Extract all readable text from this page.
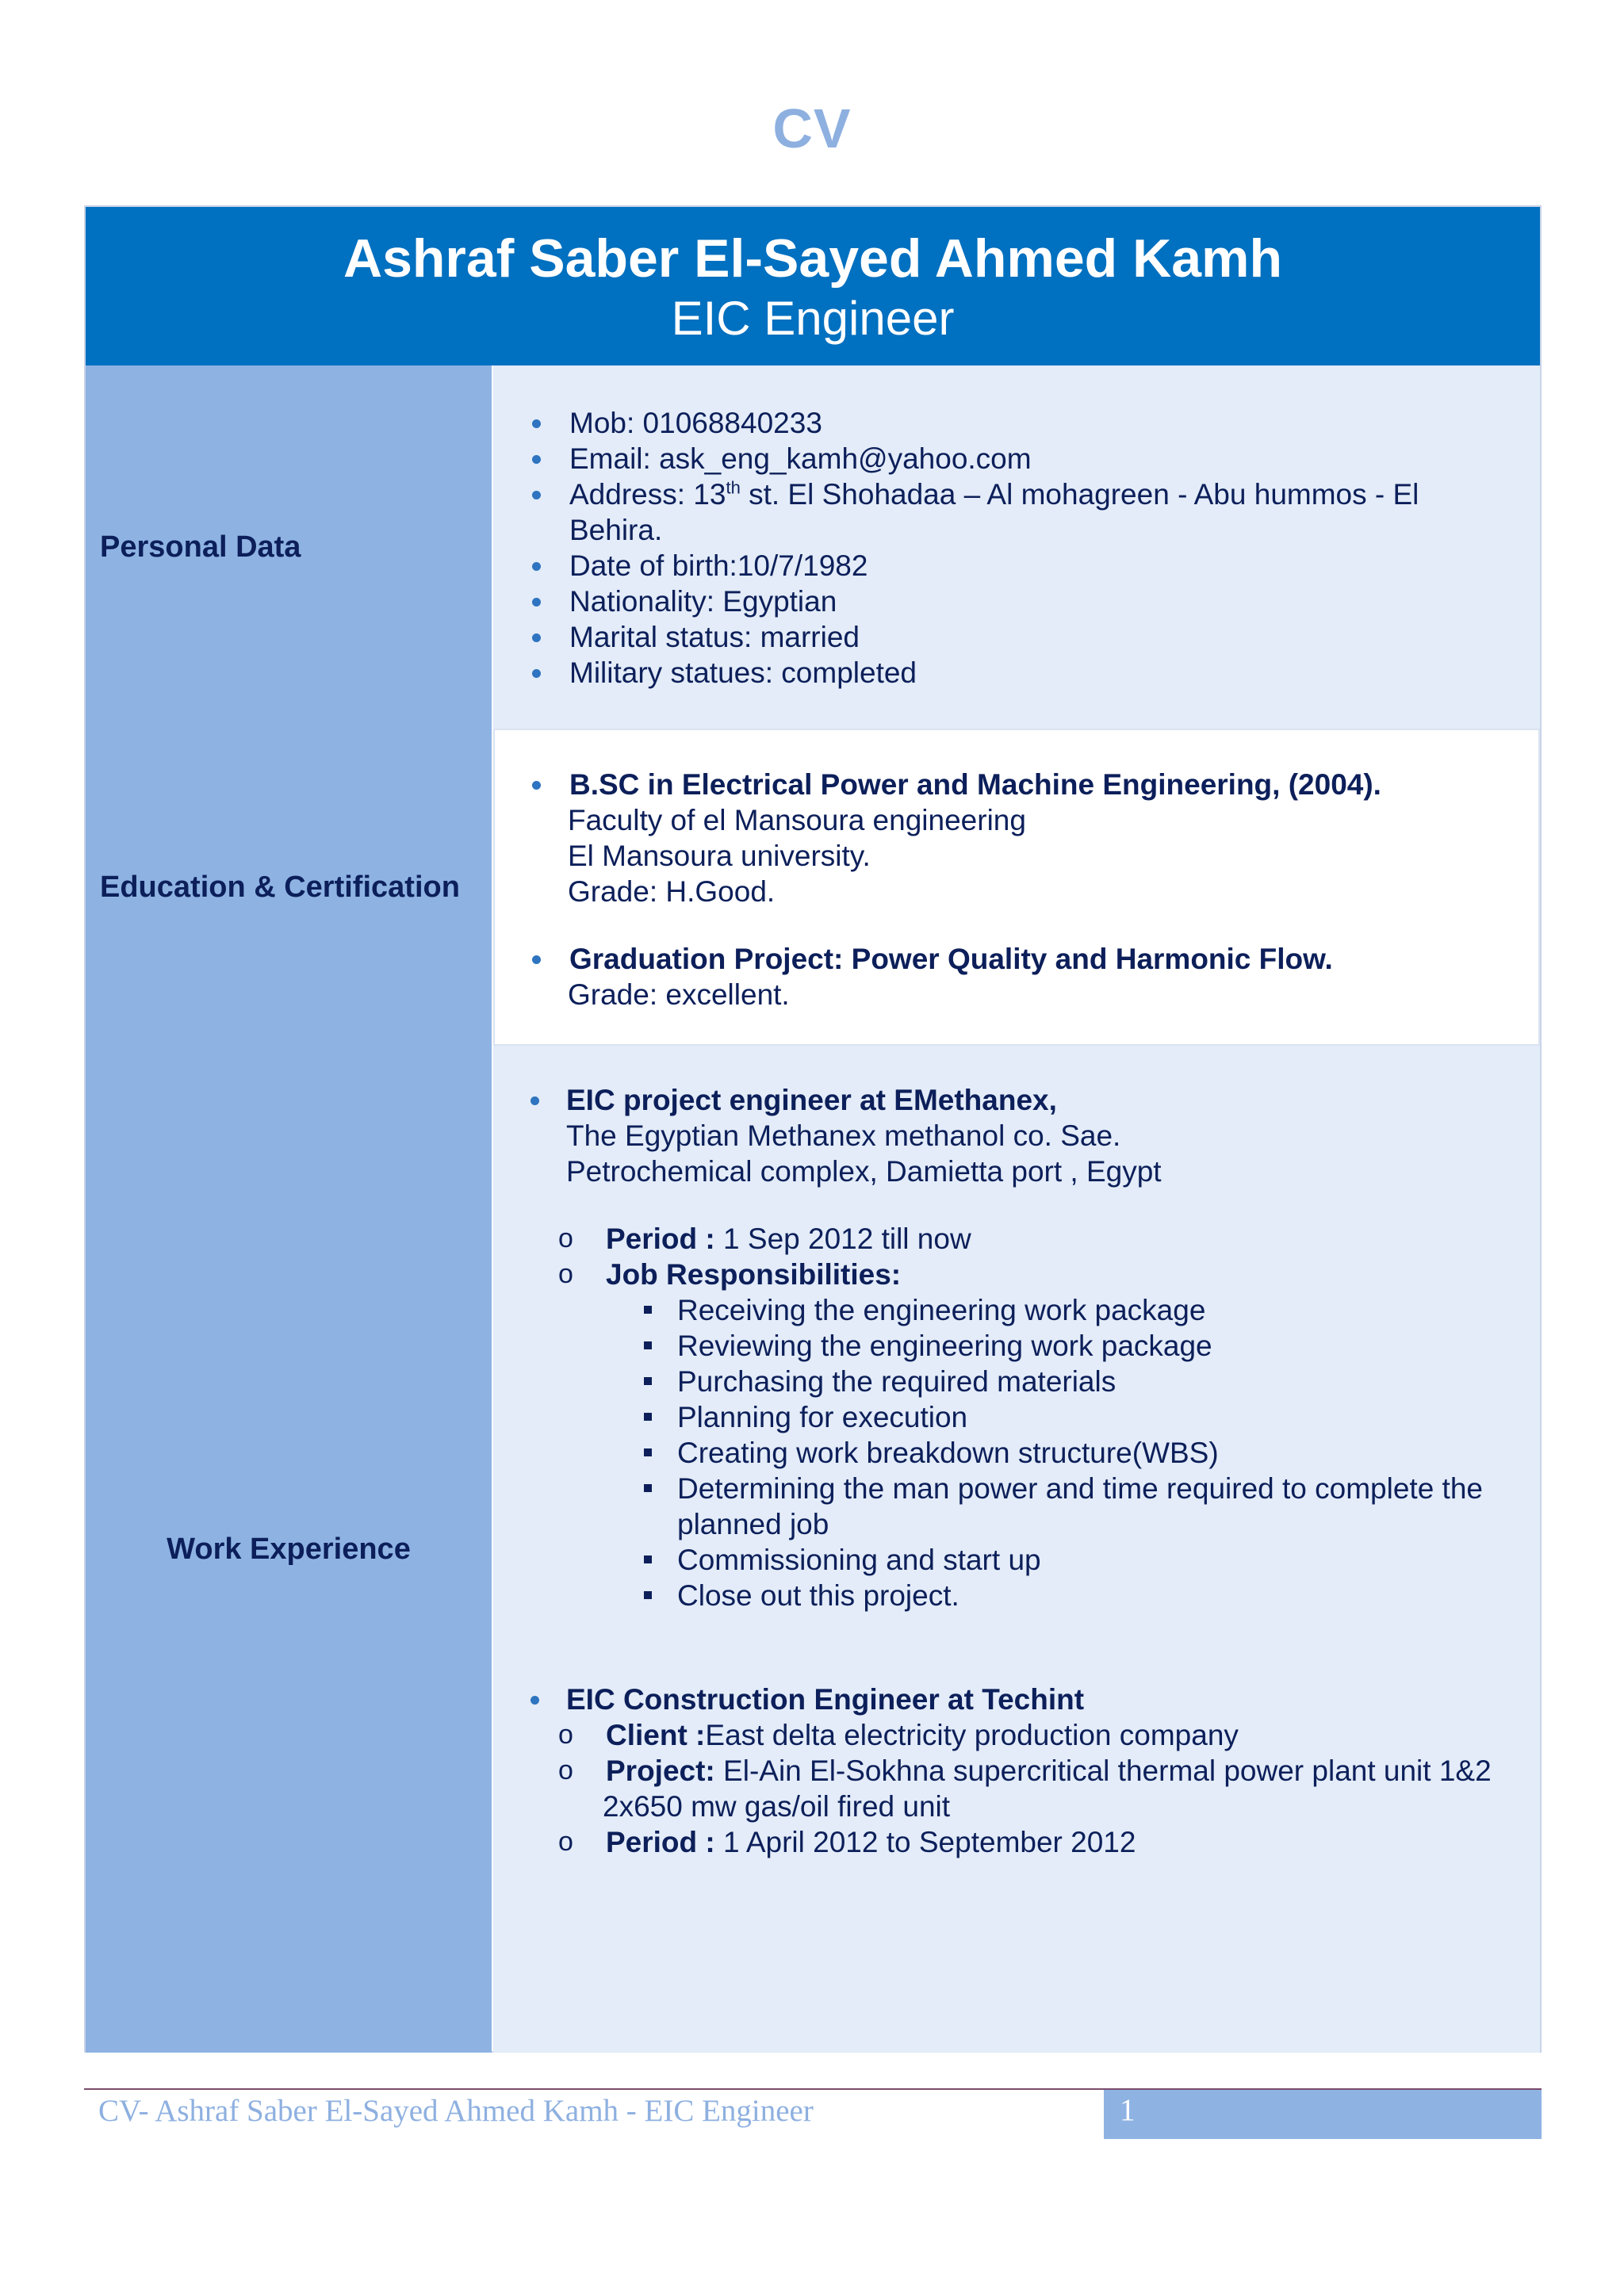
CV
Ashraf Saber El-Sayed Ahmed Kamh
EIC Engineer
Personal Data
Mob: 01068840233
Email: ask_eng_kamh@yahoo.com
Address: 13th st. El Shohadaa – Al mohagreen - Abu hummos - El
Behira.
Date of birth:10/7/1982
Nationality: Egyptian
Marital status: married
Military statues: completed
Education & Certification
B.SC in Electrical Power and Machine Engineering, (2004).
Faculty of el Mansoura engineering
El Mansoura university.
Grade: H.Good.
Graduation Project: Power Quality and Harmonic Flow.
Grade: excellent.
Work Experience
EIC project engineer at EMethanex,
The Egyptian Methanex methanol co. Sae.
Petrochemical complex, Damietta port , Egypt
o Period : 1 Sep 2012 till now
o Job Responsibilities:
Receiving the engineering work package
Reviewing the engineering work package
Purchasing the required materials
Planning for execution
Creating work breakdown structure(WBS)
Determining the man power and time required to complete the
planned job
Commissioning and start up
Close out this project.
EIC Construction Engineer at Techint
o Client :East delta electricity production company
o Project: El-Ain El-Sokhna supercritical thermal power plant unit 1&2
2x650 mw gas/oil fired unit
o Period : 1 April 2012 to September 2012
CV- Ashraf Saber El-Sayed Ahmed Kamh - EIC Engineer	1
